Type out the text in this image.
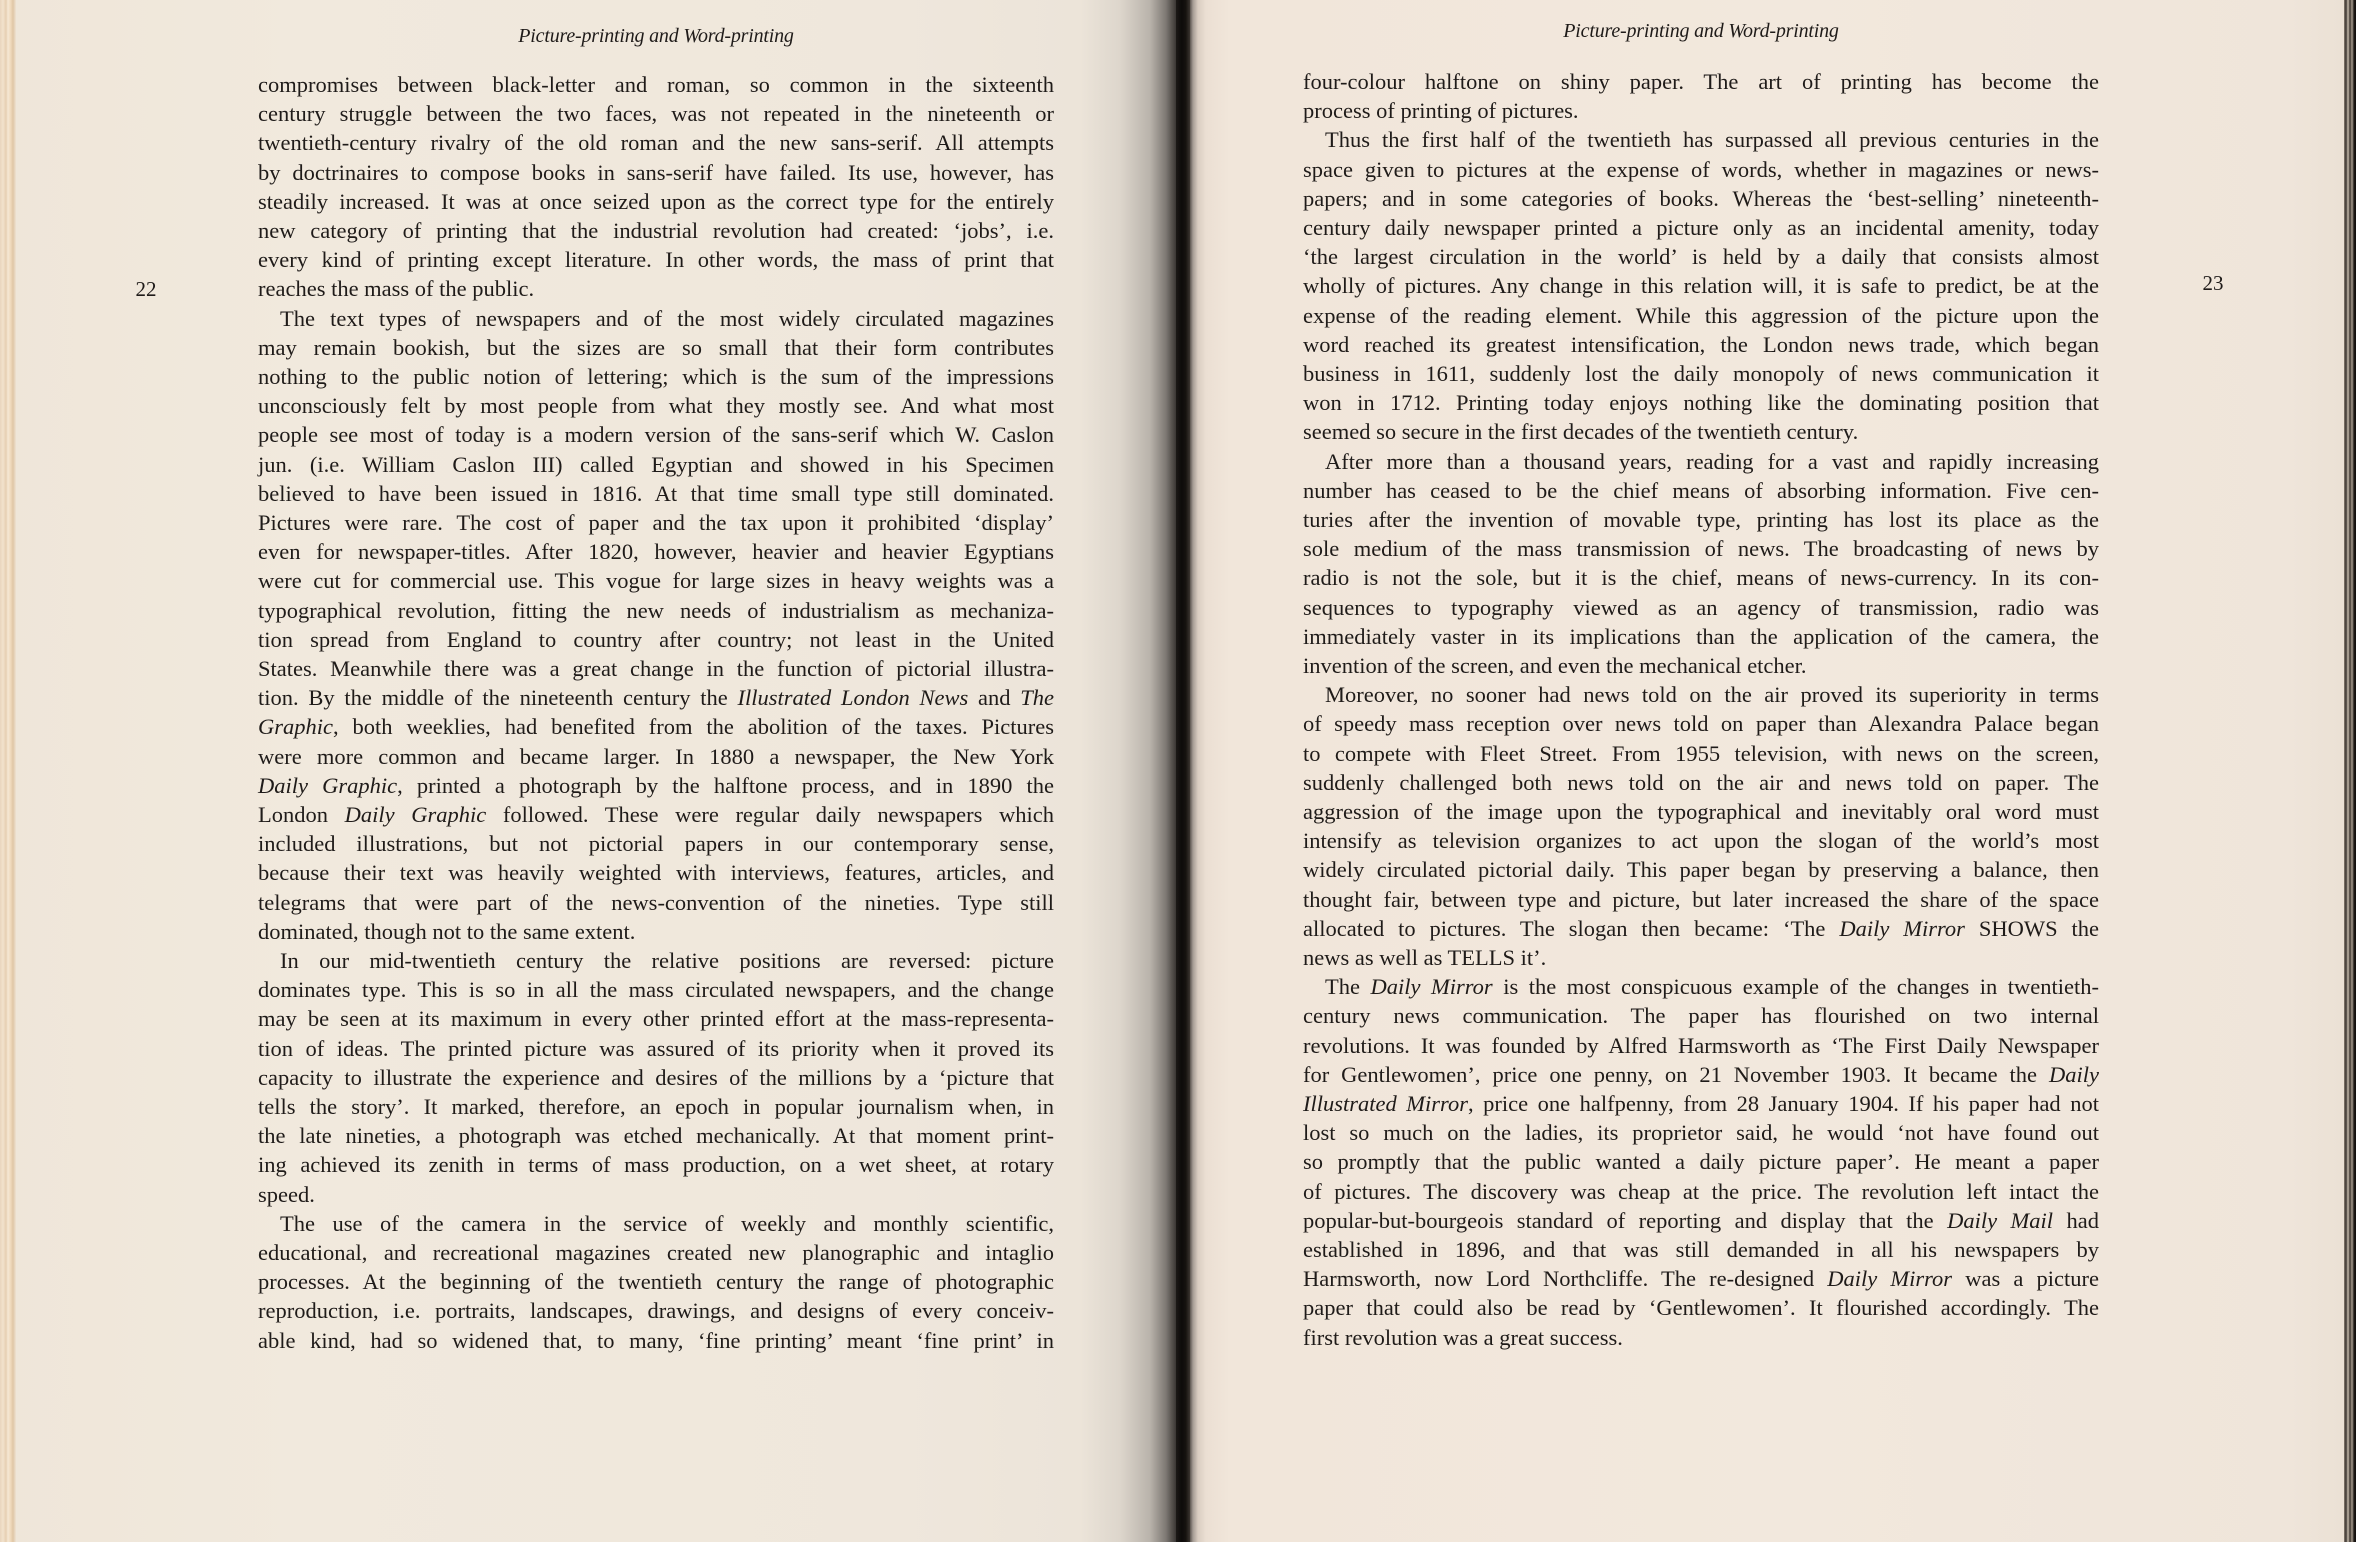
Picture-printing and Word-printing
22
compromises between black-letter and roman, so common in the sixteenth
century struggle between the two faces, was not repeated in the nineteenth or
twentieth-century rivalry of the old roman and the new sans-serif. All attempts
by doctrinaires to compose books in sans-serif have failed. Its use, however, has
steadily increased. It was at once seized upon as the correct type for the entirely
new category of printing that the industrial revolution had created: ‘jobs’, i.e.
every kind of printing except literature. In other words, the mass of print that
reaches the mass of the public.
The text types of newspapers and of the most widely circulated magazines
may remain bookish, but the sizes are so small that their form contributes
nothing to the public notion of lettering; which is the sum of the impressions
unconsciously felt by most people from what they mostly see. And what most
people see most of today is a modern version of the sans-serif which W. Caslon
jun. (i.e. William Caslon III) called Egyptian and showed in his Specimen
believed to have been issued in 1816. At that time small type still dominated.
Pictures were rare. The cost of paper and the tax upon it prohibited ‘display’
even for newspaper-titles. After 1820, however, heavier and heavier Egyptians
were cut for commercial use. This vogue for large sizes in heavy weights was a
typographical revolution, fitting the new needs of industrialism as mechaniza-
tion spread from England to country after country; not least in the United
States. Meanwhile there was a great change in the function of pictorial illustra-
tion. By the middle of the nineteenth century the Illustrated London News and The
Graphic, both weeklies, had benefited from the abolition of the taxes. Pictures
were more common and became larger. In 1880 a newspaper, the New York
Daily Graphic, printed a photograph by the halftone process, and in 1890 the
London Daily Graphic followed. These were regular daily newspapers which
included illustrations, but not pictorial papers in our contemporary sense,
because their text was heavily weighted with interviews, features, articles, and
telegrams that were part of the news-convention of the nineties. Type still
dominated, though not to the same extent.
In our mid-twentieth century the relative positions are reversed: picture
dominates type. This is so in all the mass circulated newspapers, and the change
may be seen at its maximum in every other printed effort at the mass-representa-
tion of ideas. The printed picture was assured of its priority when it proved its
capacity to illustrate the experience and desires of the millions by a ‘picture that
tells the story’. It marked, therefore, an epoch in popular journalism when, in
the late nineties, a photograph was etched mechanically. At that moment print-
ing achieved its zenith in terms of mass production, on a wet sheet, at rotary
speed.
The use of the camera in the service of weekly and monthly scientific,
educational, and recreational magazines created new planographic and intaglio
processes. At the beginning of the twentieth century the range of photographic
reproduction, i.e. portraits, landscapes, drawings, and designs of every conceiv-
able kind, had so widened that, to many, ‘fine printing’ meant ‘fine print’ in
Picture-printing and Word-printing
23
four-colour halftone on shiny paper. The art of printing has become the
process of printing of pictures.
Thus the first half of the twentieth has surpassed all previous centuries in the
space given to pictures at the expense of words, whether in magazines or news-
papers; and in some categories of books. Whereas the ‘best-selling’ nineteenth-
century daily newspaper printed a picture only as an incidental amenity, today
‘the largest circulation in the world’ is held by a daily that consists almost
wholly of pictures. Any change in this relation will, it is safe to predict, be at the
expense of the reading element. While this aggression of the picture upon the
word reached its greatest intensification, the London news trade, which began
business in 1611, suddenly lost the daily monopoly of news communication it
won in 1712. Printing today enjoys nothing like the dominating position that
seemed so secure in the first decades of the twentieth century.
After more than a thousand years, reading for a vast and rapidly increasing
number has ceased to be the chief means of absorbing information. Five cen-
turies after the invention of movable type, printing has lost its place as the
sole medium of the mass transmission of news. The broadcasting of news by
radio is not the sole, but it is the chief, means of news-currency. In its con-
sequences to typography viewed as an agency of transmission, radio was
immediately vaster in its implications than the application of the camera, the
invention of the screen, and even the mechanical etcher.
Moreover, no sooner had news told on the air proved its superiority in terms
of speedy mass reception over news told on paper than Alexandra Palace began
to compete with Fleet Street. From 1955 television, with news on the screen,
suddenly challenged both news told on the air and news told on paper. The
aggression of the image upon the typographical and inevitably oral word must
intensify as television organizes to act upon the slogan of the world’s most
widely circulated pictorial daily. This paper began by preserving a balance, then
thought fair, between type and picture, but later increased the share of the space
allocated to pictures. The slogan then became: ‘The Daily Mirror SHOWS the
news as well as TELLS it’.
The Daily Mirror is the most conspicuous example of the changes in twentieth-
century news communication. The paper has flourished on two internal
revolutions. It was founded by Alfred Harmsworth as ‘The First Daily Newspaper
for Gentlewomen’, price one penny, on 21 November 1903. It became the Daily
Illustrated Mirror, price one halfpenny, from 28 January 1904. If his paper had not
lost so much on the ladies, its proprietor said, he would ‘not have found out
so promptly that the public wanted a daily picture paper’. He meant a paper
of pictures. The discovery was cheap at the price. The revolution left intact the
popular-but-bourgeois standard of reporting and display that the Daily Mail had
established in 1896, and that was still demanded in all his newspapers by
Harmsworth, now Lord Northcliffe. The re-designed Daily Mirror was a picture
paper that could also be read by ‘Gentlewomen’. It flourished accordingly. The
first revolution was a great success.
